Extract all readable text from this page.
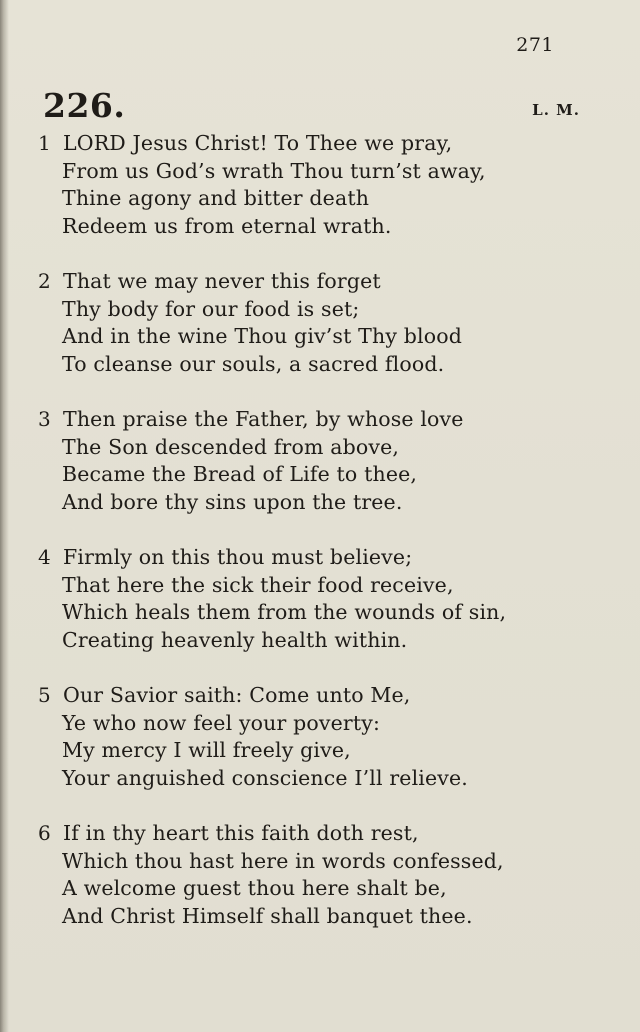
271
226.	L. M.
1 LORD Jesus Christ! To Thee we pray,
From us God’s wrath Thou turn’st away,
Thine agony and bitter death
Redeem us from eternal wrath.
2 That we may never this forget
Thy body for our food is set;
And in the wine Thou giv’st Thy blood
To cleanse our souls, a sacred flood.
3 Then praise the Father, by whose love
The Son descended from above,
Became the Bread of Life to thee,
And bore thy sins upon the tree.
4 Firmly on this thou must believe;
That here the sick their food receive,
Which heals them from the wounds of sin,
Creating heavenly health within.
5 Our Savior saith: Come unto Me,
Ye who now feel your poverty:
My mercy I will freely give,
Your anguished conscience I’ll relieve.
6 If in thy heart this faith doth rest,
Which thou hast here in words confessed,
A welcome guest thou here shalt be,
And Christ Himself shall banquet thee.
